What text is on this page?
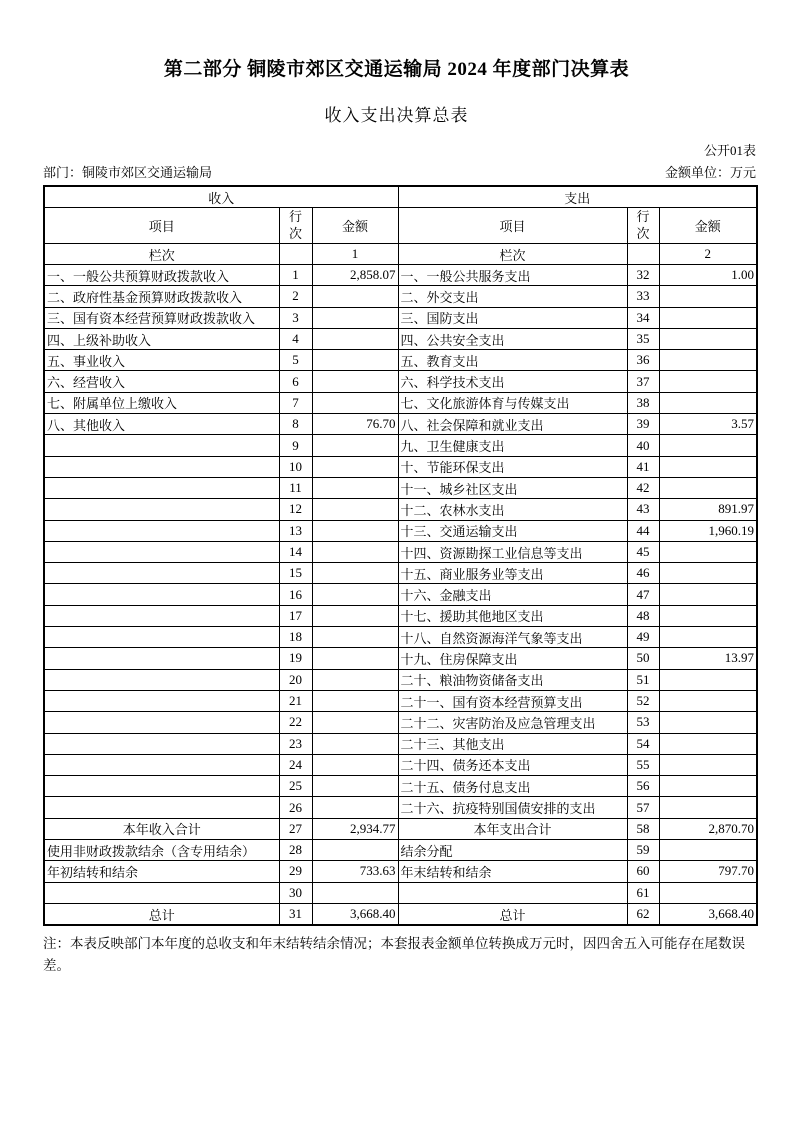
第二部分 铜陵市郊区交通运输局 2024 年度部门决算表
收入支出决算总表
公开01表
部门：铜陵市郊区交通运输局	金额单位：万元
收入			支出		
项目	行次	金额	项目	行次	金额
栏次		1	栏次		2
一、一般公共预算财政拨款收入	1	2,858.07	一、一般公共服务支出	32	1.00
二、政府性基金预算财政拨款收入	2		二、外交支出	33	
三、国有资本经营预算财政拨款收入	3		三、国防支出	34	
四、上级补助收入	4		四、公共安全支出	35	
五、事业收入	5		五、教育支出	36	
六、经营收入	6		六、科学技术支出	37	
七、附属单位上缴收入	7		七、文化旅游体育与传媒支出	38	
八、其他收入	8	76.70	八、社会保障和就业支出	39	3.57
	9		九、卫生健康支出	40	
	10		十、节能环保支出	41	
	11		十一、城乡社区支出	42	
	12		十二、农林水支出	43	891.97
	13		十三、交通运输支出	44	1,960.19
	14		十四、资源勘探工业信息等支出	45	
	15		十五、商业服务业等支出	46	
	16		十六、金融支出	47	
	17		十七、援助其他地区支出	48	
	18		十八、自然资源海洋气象等支出	49	
	19		十九、住房保障支出	50	13.97
	20		二十、粮油物资储备支出	51	
	21		二十一、国有资本经营预算支出	52	
	22		二十二、灾害防治及应急管理支出	53	
	23		二十三、其他支出	54	
	24		二十四、债务还本支出	55	
	25		二十五、债务付息支出	56	
	26		二十六、抗疫特别国债安排的支出	57	
本年收入合计	27	2,934.77	本年支出合计	58	2,870.70
使用非财政拨款结余（含专用结余）	28		结余分配	59	
年初结转和结余	29	733.63	年末结转和结余	60	797.70
	30			61	
总计	31	3,668.40	总计	62	3,668.40
注：本表反映部门本年度的总收支和年末结转结余情况；本套报表金额单位转换成万元时，因四舍五入可能存在尾数误差。
